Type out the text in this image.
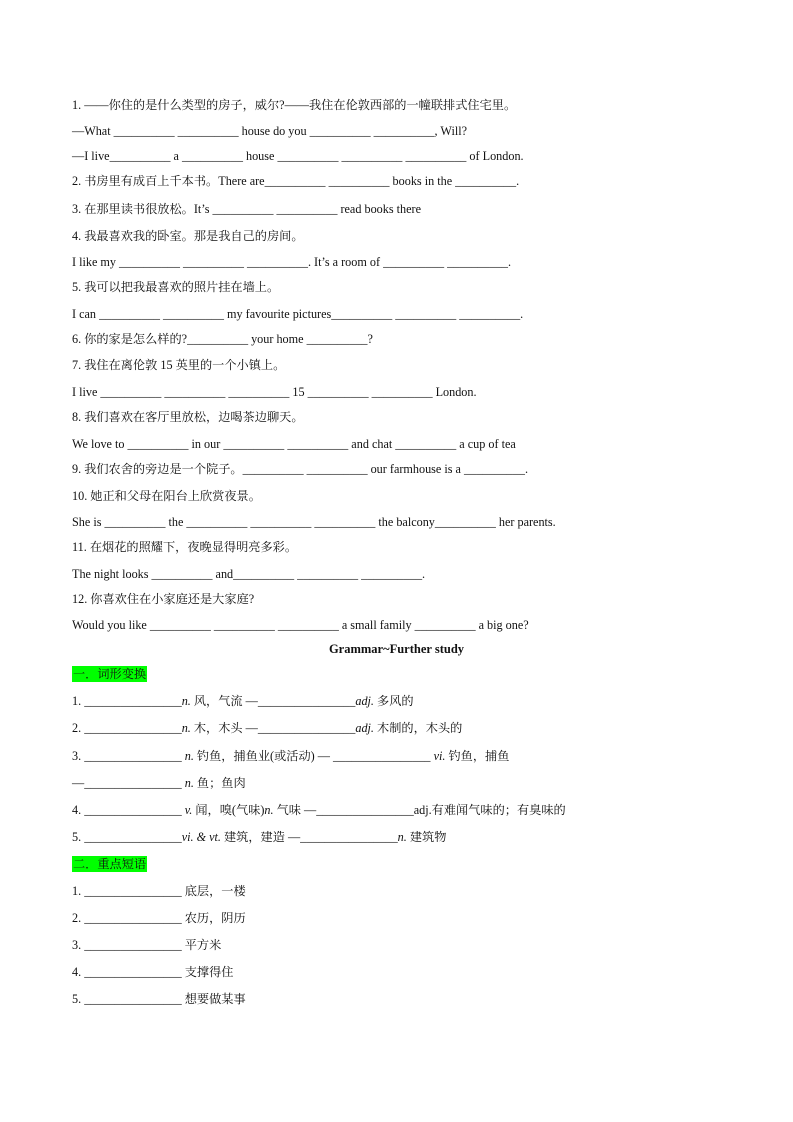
1. ——你住的是什么类型的房子，威尔?——我住在伦敦西部的一幢联排式住宅里。
—What __________ __________ house do you __________ __________, Will?
—I live__________ a __________ house __________ __________ __________ of London.
2. 书房里有成百上千本书。There are__________ __________ books in the __________.
3. 在那里读书很放松。It’s __________ __________ read books there
4. 我最喜欢我的卧室。那是我自己的房间。
I like my __________ __________ __________. It’s a room of __________ __________.
5. 我可以把我最喜欢的照片挂在墙上。
I can __________ __________ my favourite pictures__________ __________ __________.
6. 你的家是怎么样的?__________ your home __________?
7. 我住在离伦敦 15 英里的一个小镇上。
I live __________ __________ __________ 15 __________ __________ London.
8. 我们喜欢在客厅里放松，边喝茶边聊天。
We love to __________ in our __________ __________ and chat __________ a cup of tea
9. 我们农舍的旁边是一个院子。__________ __________ our farmhouse is a __________.
10. 她正和父母在阳台上欣赏夜景。
She is __________ the __________ __________ __________ the balcony__________ her parents.
11. 在烟花的照耀下，夜晚显得明亮多彩。
The night looks __________ and__________ __________ __________.
12. 你喜欢住在小家庭还是大家庭?
Would you like __________ __________ __________ a small family __________ a big one?
Grammar~Further study
一．词形变换
1. ________________n. 风，气流 —________________adj. 多风的
2. ________________n. 木，木头 —________________adj. 木制的，木头的
3. ________________ n. 钓鱼，捕鱼业(或活动) — ________________ vi. 钓鱼，捕鱼
—________________ n. 鱼；鱼肉
4. ________________ v. 闻，嗅(气味)n. 气味 —________________adj.有难闻气味的；有臭味的
5. ________________vi. & vt. 建筑，建造 —________________n. 建筑物
二．重点短语
1. ________________ 底层，一楼
2. ________________ 农历，阴历
3. ________________ 平方米
4. ________________ 支撑得住
5. ________________ 想要做某事
